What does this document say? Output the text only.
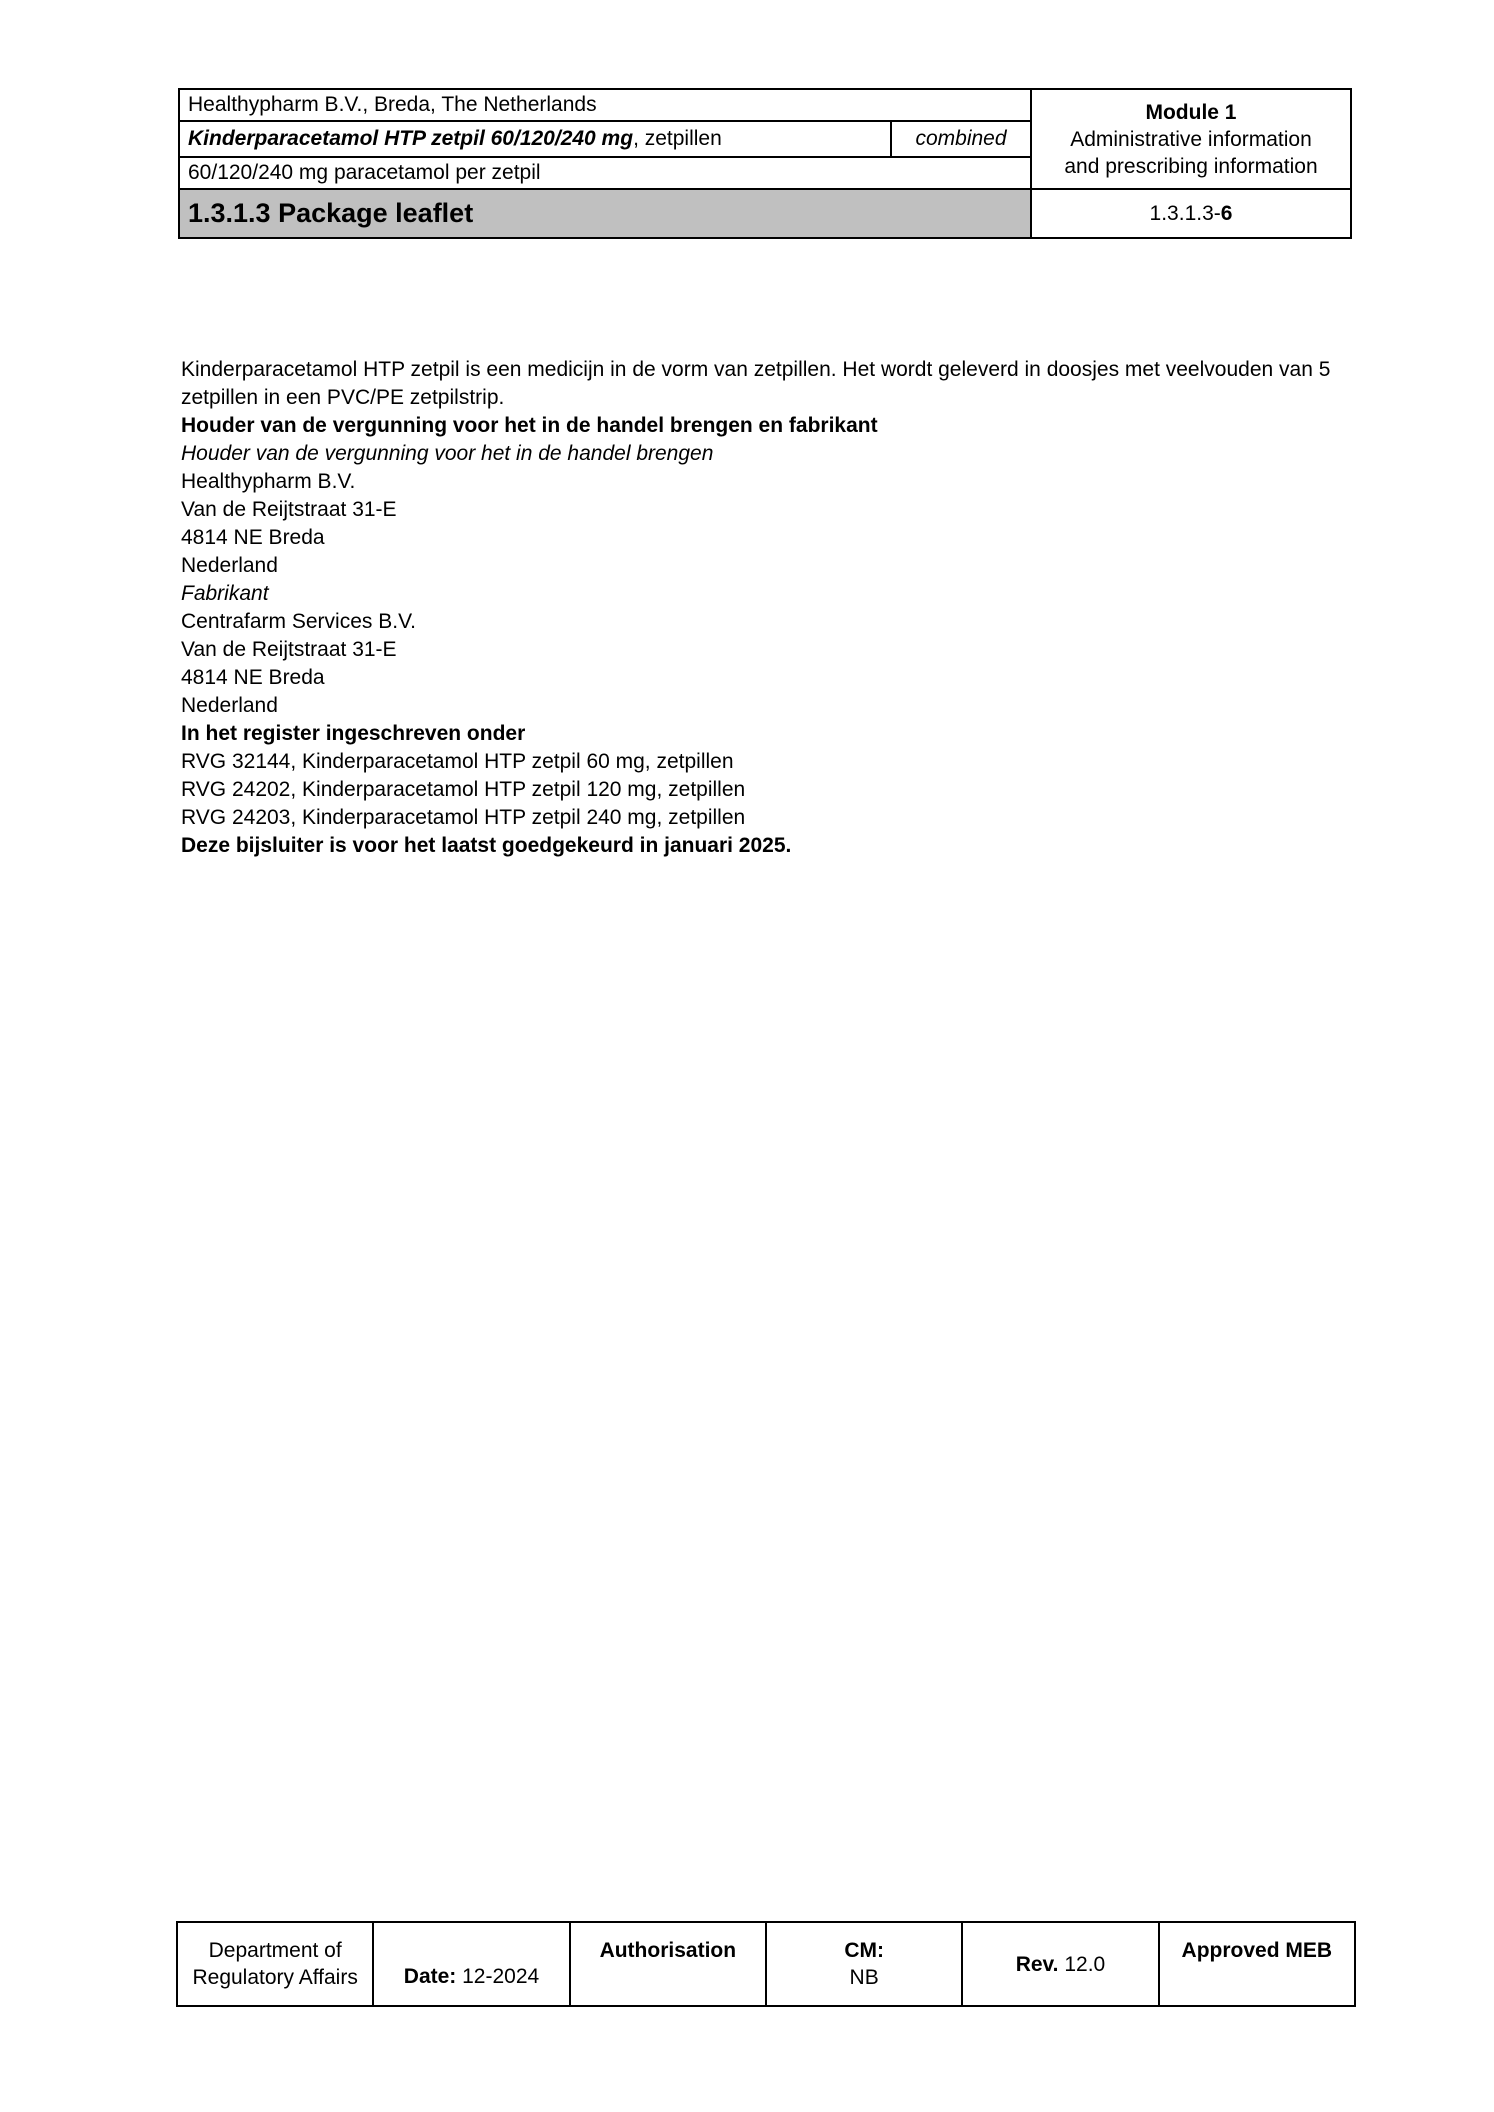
Healthypharm B.V., Breda, The Netherlands
Kinderparacetamol HTP zetpil 60/120/240 mg, zetpillen	combined
60/120/240 mg paracetamol per zetpil
1.3.1.3 Package leaflet
Module 1
Administrative information
and prescribing information
1.3.1.3-6

Kinderparacetamol HTP zetpil is een medicijn in de vorm van zetpillen. Het wordt geleverd in doosjes met veelvouden van 5 zetpillen in een PVC/PE zetpilstrip.

Houder van de vergunning voor het in de handel brengen en fabrikant

Houder van de vergunning voor het in de handel brengen

Healthypharm B.V.

Van de Reijtstraat 31-E

4814 NE Breda

Nederland

Fabrikant

Centrafarm Services B.V.

Van de Reijtstraat 31-E

4814 NE Breda

Nederland

In het register ingeschreven onder

RVG 32144, Kinderparacetamol HTP zetpil 60 mg, zetpillen

RVG 24202, Kinderparacetamol HTP zetpil 120 mg, zetpillen

RVG 24203, Kinderparacetamol HTP zetpil 240 mg, zetpillen

Deze bijsluiter is voor het laatst goedgekeurd in januari 2025.

Department of
Regulatory Affairs Date: 12-2024
Authorisation	CM:
NB
Rev. 12.0
Approved MEB
